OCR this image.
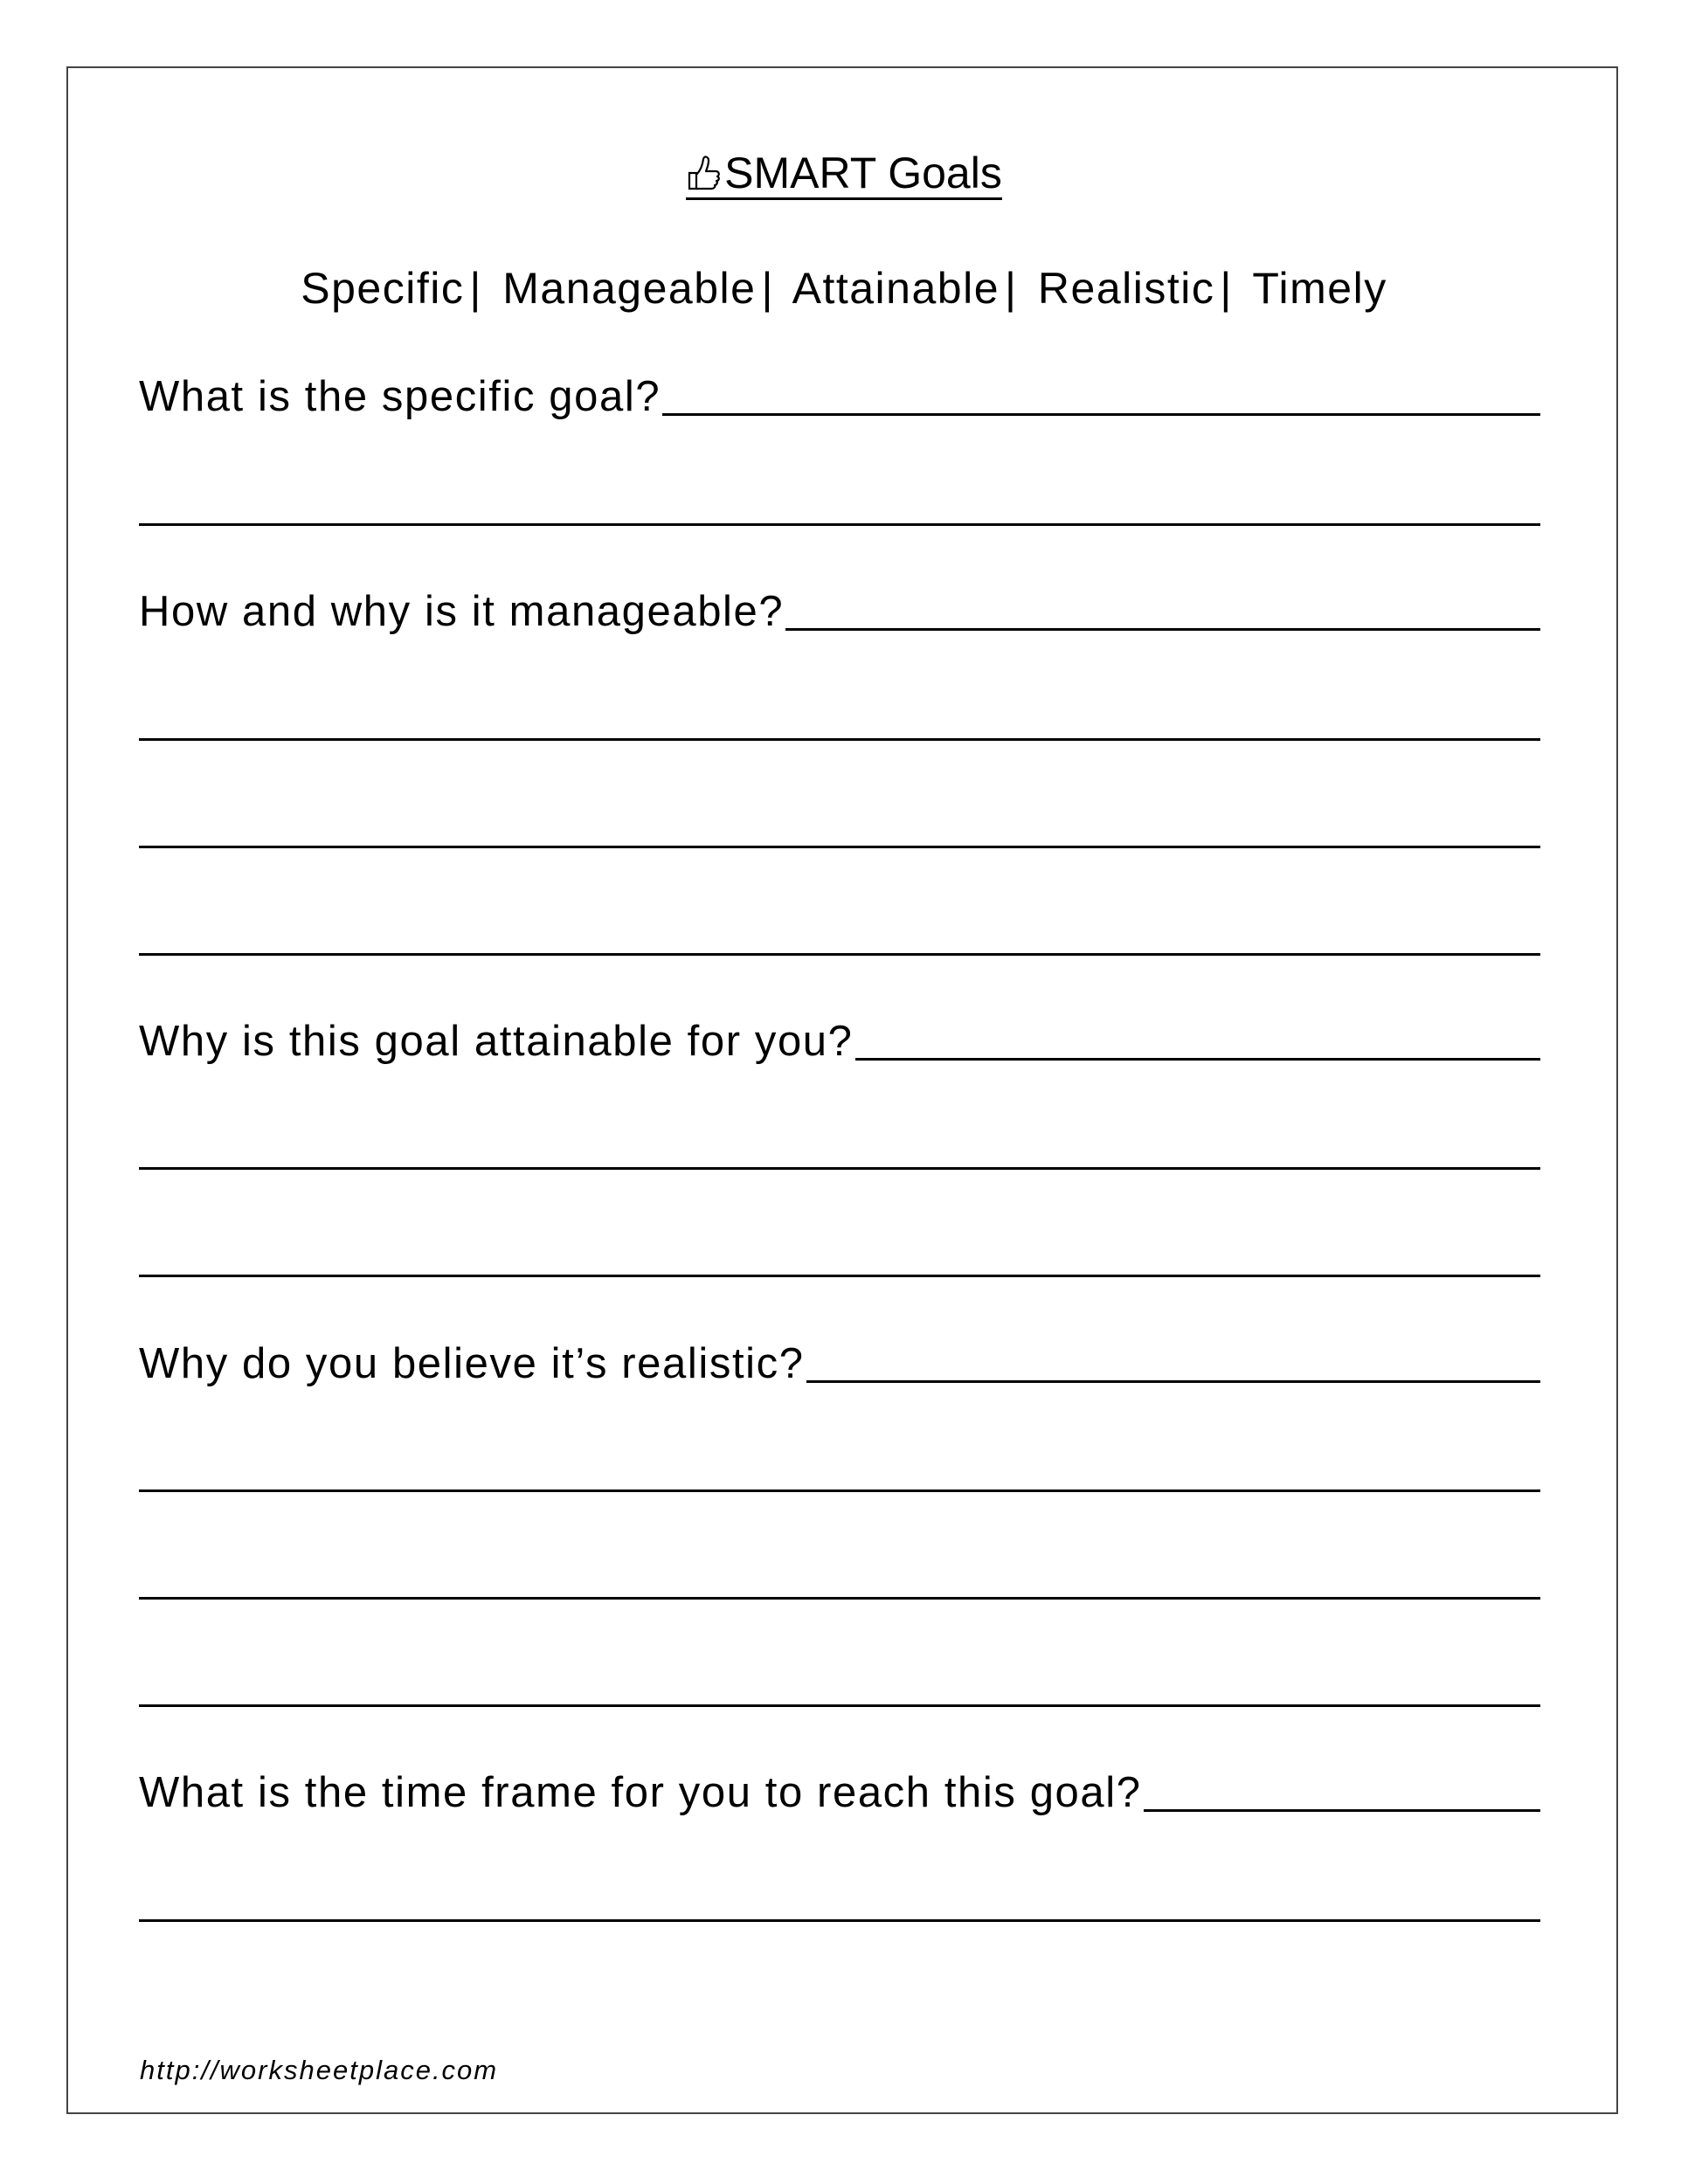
SMART Goals
Specific | Manageable | Attainable | Realistic | Timely
What is the specific goal?
How and why is it manageable?
Why is this goal attainable for you?
Why do you believe it’s realistic?
What is the time frame for you to reach this goal?
http://worksheetplace.com
